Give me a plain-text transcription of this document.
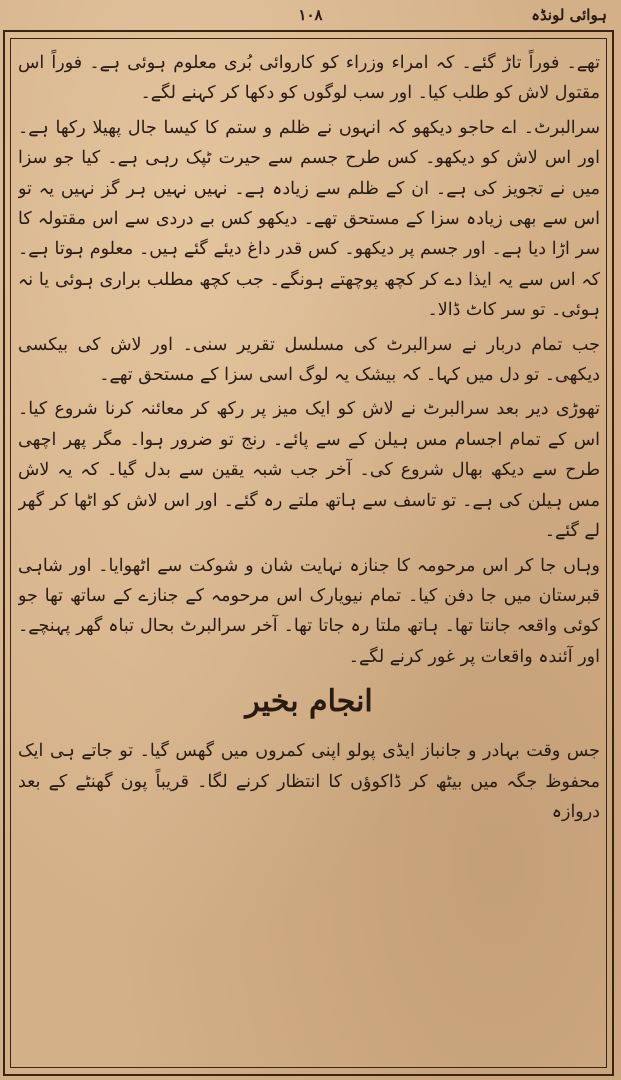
۱۰۸	ہوائی لونڈہ

تھے۔ فوراً تاڑ گئے۔ کہ امراء وزراء کو کاروائی بُری معلوم ہوئی ہے۔ فوراً اس مقتول لاش کو طلب کیا۔ اور سب لوگوں کو دکھا کر کہنے لگے۔

سرالبرٹ۔ اے حاجو دیکھو کہ انہوں نے ظلم و ستم کا کیسا جال پھیلا رکھا ہے۔ اور اس لاش کو دیکھو۔ کس طرح جسم سے حیرت ٹپک رہی ہے۔ کیا جو سزا میں نے تجویز کی ہے۔ ان کے ظلم سے زیادہ ہے۔ نہیں نہیں ہر گز نہیں یہ تو اس سے بھی زیادہ سزا کے مستحق تھے۔ دیکھو کس بے دردی سے اس مقتولہ کا سر اڑا دیا ہے۔ اور جسم پر دیکھو۔ کس قدر داغ دیئے گئے ہیں۔ معلوم ہوتا ہے۔ کہ اس سے یہ ایذا دے کر کچھ پوچھتے ہونگے۔ جب کچھ مطلب براری ہوئی یا نہ ہوئی۔ تو سر کاٹ ڈالا۔

جب تمام دربار نے سرالبرٹ کی مسلسل تقریر سنی۔ اور لاش کی بیکسی دیکھی۔ تو دل میں کہا۔ کہ بیشک یہ لوگ اسی سزا کے مستحق تھے۔

تھوڑی دیر بعد سرالبرٹ نے لاش کو ایک میز پر رکھ کر معائنہ کرنا شروع کیا۔ اس کے تمام اجسام مس ہیلن کے سے پائے۔ رنج تو ضرور ہوا۔ مگر پھر اچھی طرح سے دیکھ بھال شروع کی۔ آخر جب شبہ یقین سے بدل گیا۔ کہ یہ لاش مس ہیلن کی ہے۔ تو تاسف سے ہاتھ ملتے رہ گئے۔ اور اس لاش کو اٹھا کر گھر لے گئے۔

وہاں جا کر اس مرحومہ کا جنازہ نہایت شان و شوکت سے اٹھوایا۔ اور شاہی قبرستان میں جا دفن کیا۔ تمام نیویارک اس مرحومہ کے جنازے کے ساتھ تھا جو کوئی واقعہ جانتا تھا۔ ہاتھ ملتا رہ جاتا تھا۔ آخر سرالبرٹ بحال تباہ گھر پہنچے۔ اور آئندہ واقعات پر غور کرنے لگے۔

انجام بخیر

جس وقت بہادر و جانباز ایڈی پولو اپنی کمروں میں گھس گیا۔ تو جاتے ہی ایک محفوظ جگہ میں بیٹھ کر ڈاکوؤں کا انتظار کرنے لگا۔ قریباً پون گھنٹے کے بعد دروازہ
